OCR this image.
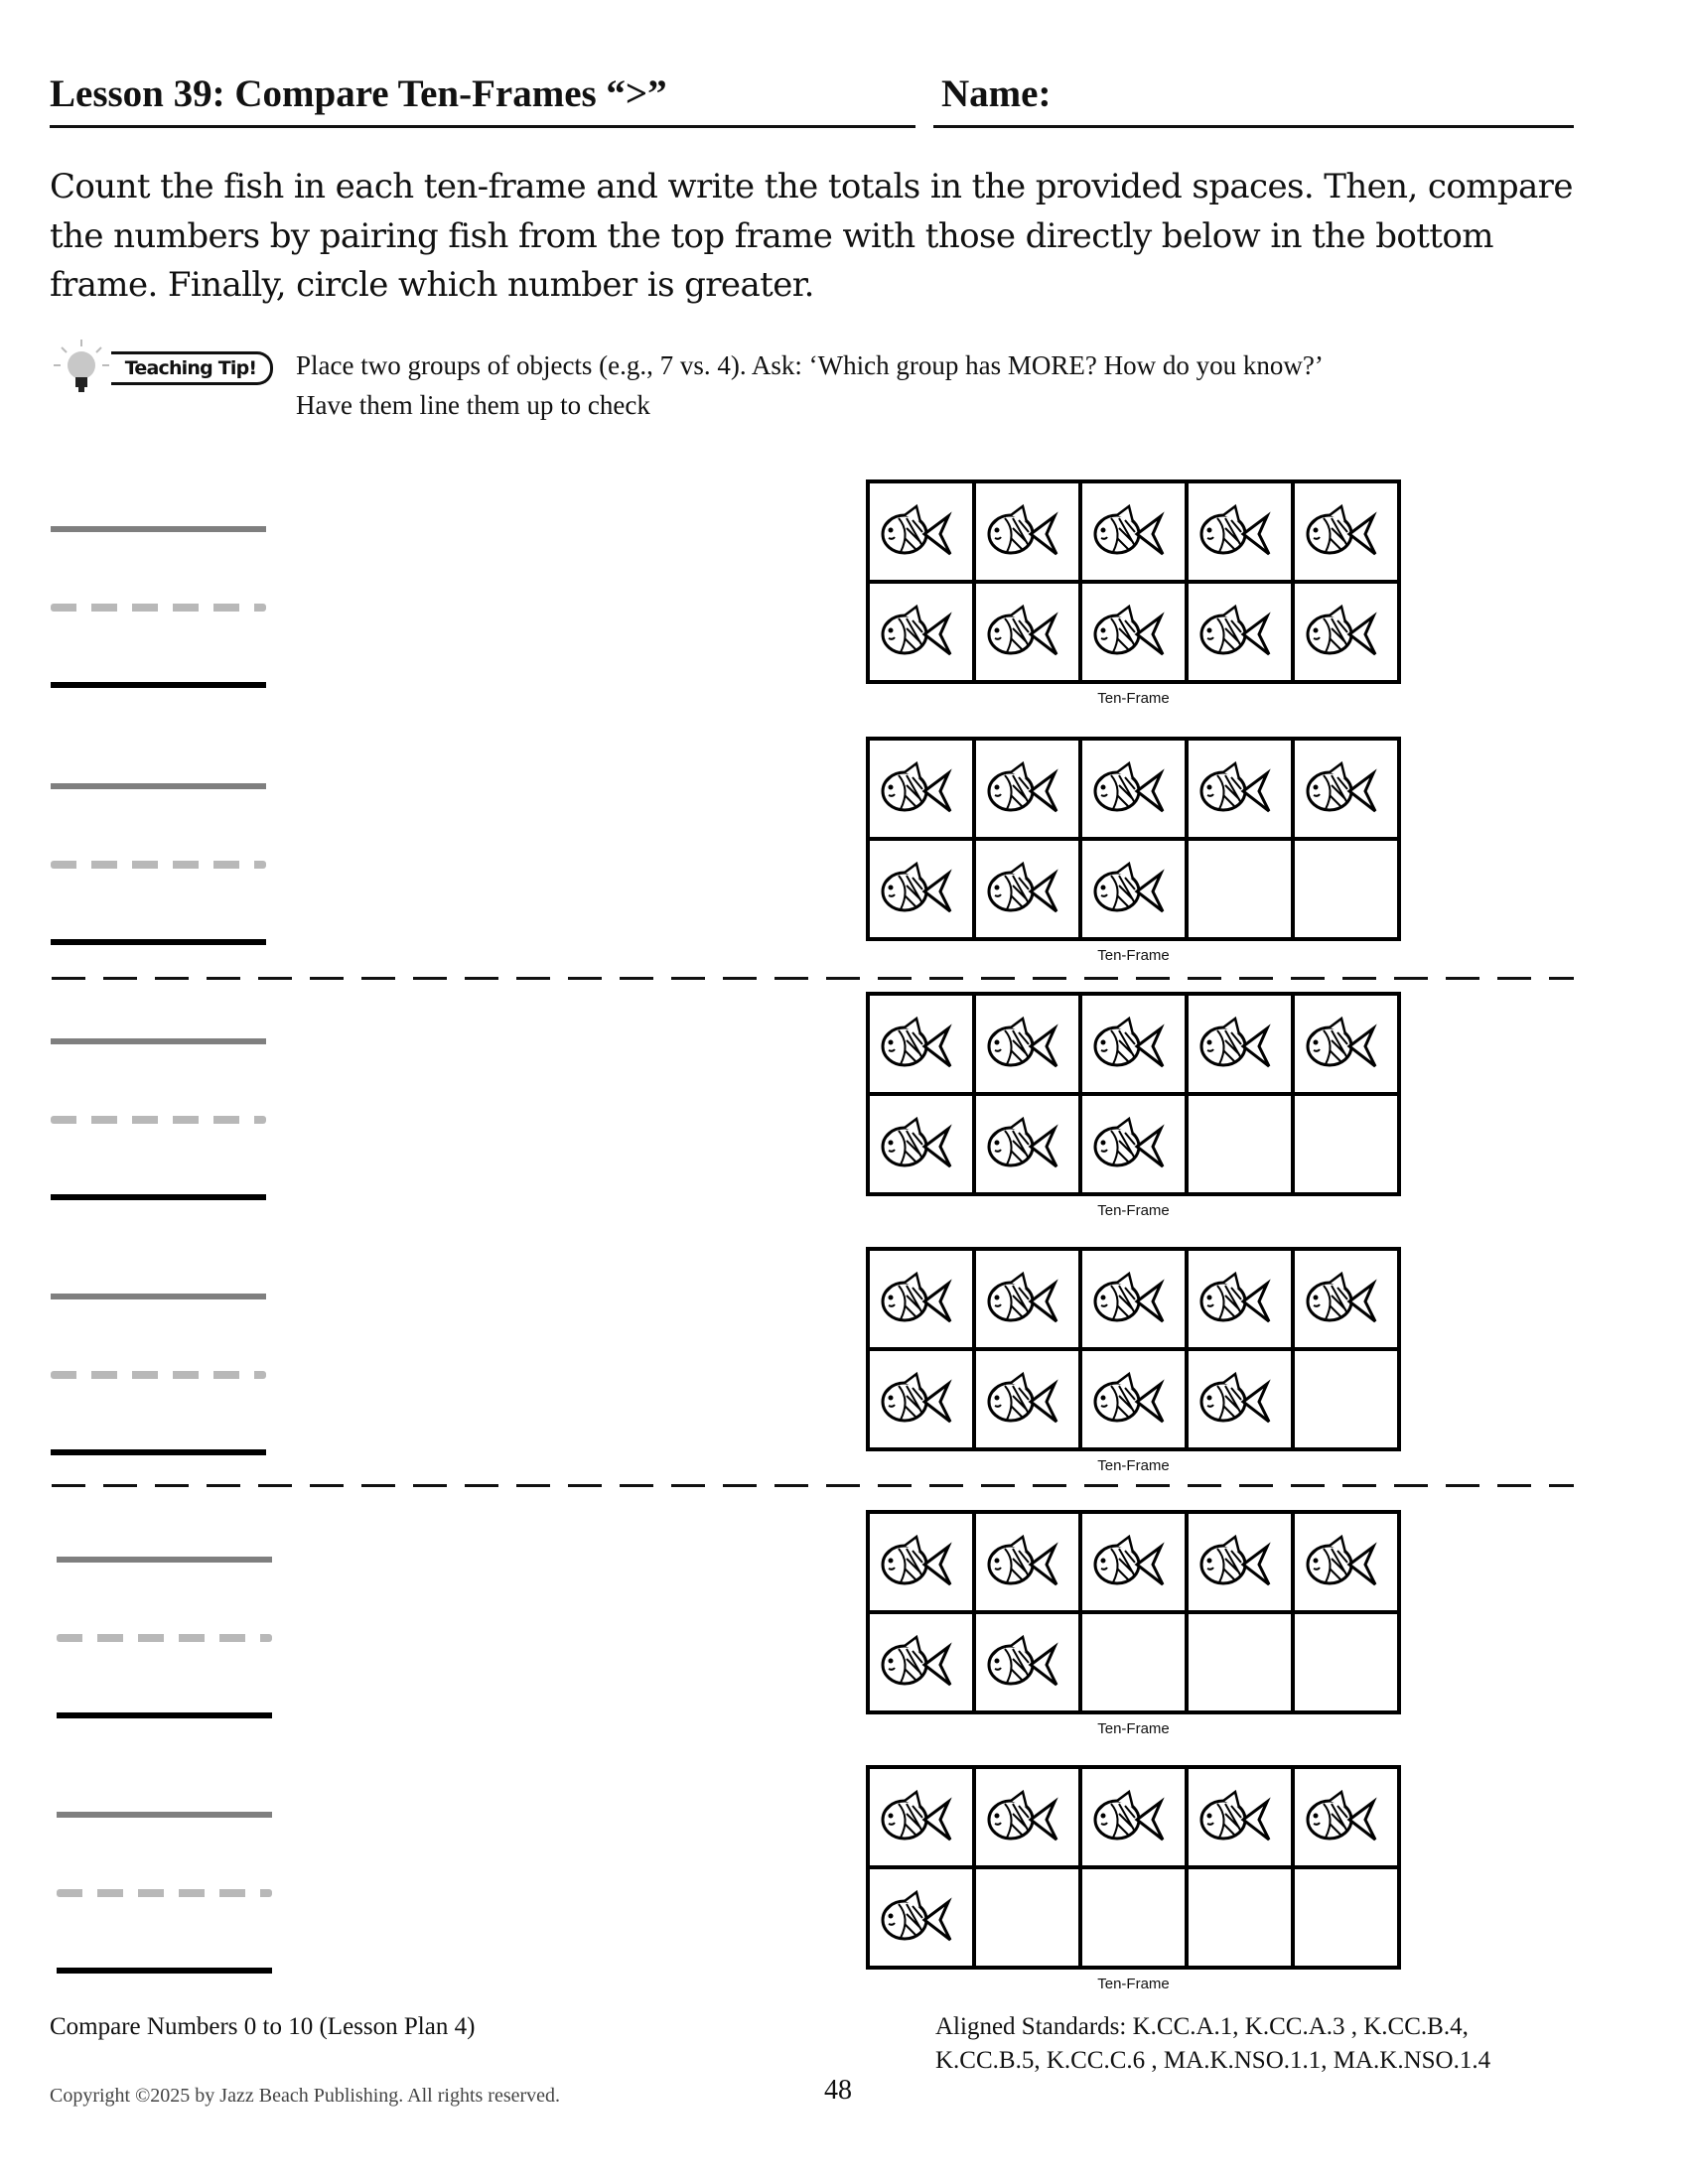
Lesson 39: Compare Ten-Frames “>”	Name:
Count the fish in each ten-frame and write the totals in the provided spaces. Then, compare the numbers by pairing fish from the top frame with those directly below in the bottom frame. Finally, circle which number is greater.
Teaching Tip!	Place two groups of objects (e.g., 7 vs. 4). Ask: ‘Which group has MORE? How do you know?’
Have them line them up to check
Ten-Frame
Ten-Frame
Ten-Frame
Ten-Frame
Ten-Frame
Ten-Frame
Compare Numbers 0 to 10 (Lesson Plan 4)	Aligned Standards: K.CC.A.1, K.CC.A.3 , K.CC.B.4,
K.CC.B.5, K.CC.C.6 , MA.K.NSO.1.1, MA.K.NSO.1.4
Copyright ©2025 by Jazz Beach Publishing. All rights reserved.	48
